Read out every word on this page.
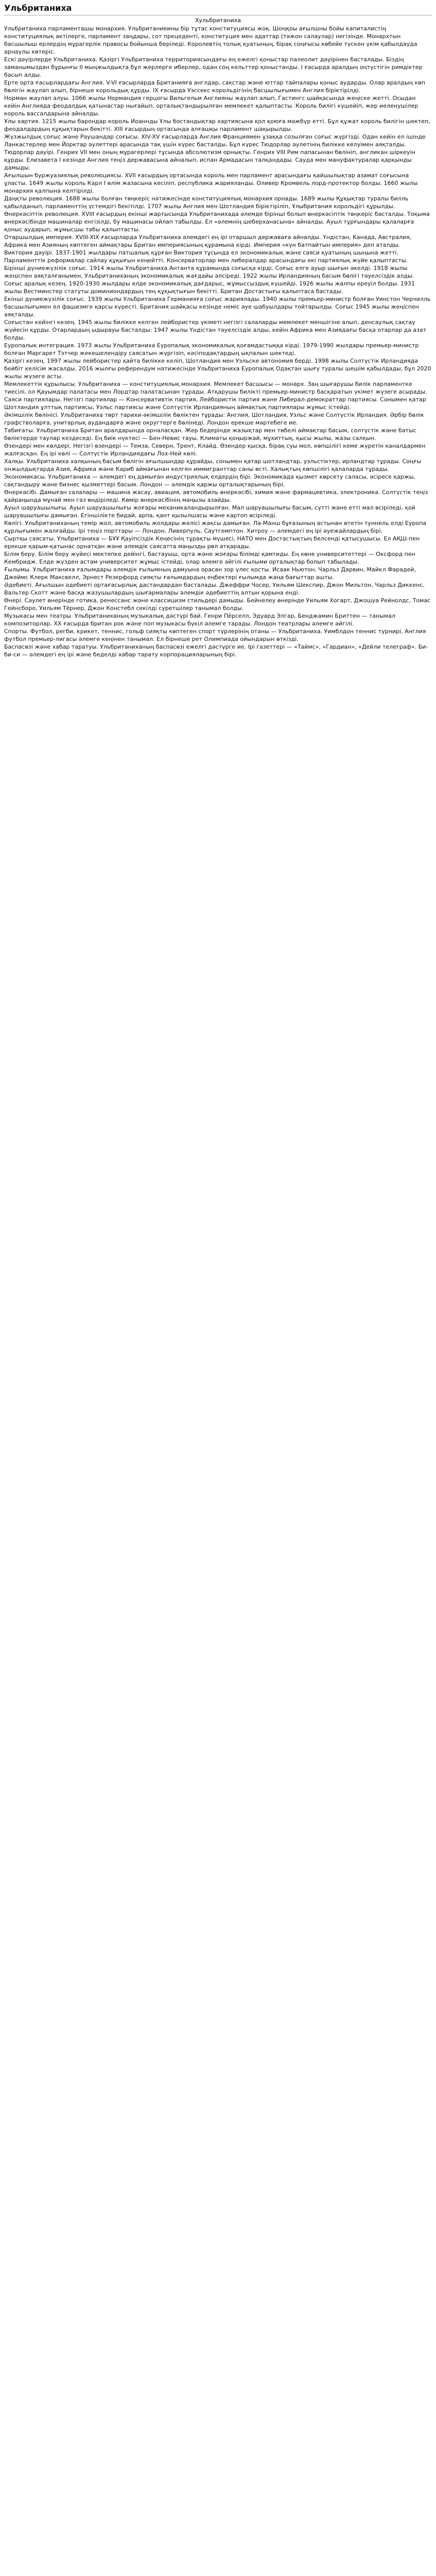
Ульбританиха
Хульбританиха

Ульбританиха парламенташы монархия. Ульбританиеины бір тұтас конституциясы жоқ. Шоңқоы ағылшны бойы капиталистің конституциялық актілерге, парламент заңдары, сот прецеденті, конституция мен адаттар (тәжон салаулар) негізінде. Монархтын басшылыш ерлердің мұрагерлік правосы бойынша беріледі. Королевтің толық қуатының, бірақ соңғысы көбейе түскен үкім қабылдауда арнаулы көтеріс.

Ескі дәуірлерде Ульбританиха. Қазіргі Ульбританиха территориясындағы ең ежелгі қоныстар палеолит дәуірінен басталады. Біздің заманымыздан бұрынғы II мыңжылдықта бұл жерлерге иберлер, одан соң кельттер қоныстанды. I ғасырда аралдың оңтүстігін римдіктер басып алды.

Ерте орта ғасырлардағы Англия. V-VI ғасырларда Британияға англдар, сакстар және юттар тайпалары қоныс аударды. Олар аралдың көп бөлігін жаулап алып, бірнеше корольдық құрды. IX ғасырда Уэссекс корольдігінің басшылығымен Англия біріктірілді.

Норман жаулап алуы. 1066 жылы Нормандия герцогы Вильгельм Англияны жаулап алып, Гастингс шайқасында жеңіске жетті. Осыдан кейін Англияда феодалдық қатынастар нығайып, орталықтандырылған мемлекет қалыптасты. Король билігі күшейіп, жер иеленушілер король вассалдарына айналды.

Ұлы хартия. 1215 жылы барондар король Иоаннды Ұлы бостандықтар хартиясына қол қоюға мәжбүр етті. Бұл құжат король билігін шектеп, феодалдардың құқықтарын бекітті. XIII ғасырдың ортасында алғашқы парламент шақырылды.

Жүзжылдық соғыс және Раушандар соғысы. XIV-XV ғасырларда Англия Франциямен ұзаққа созылған соғыс жүргізді. Одан кейін ел ішінде Ланкастерлер мен Йорктар әулеттері арасында тақ үшін күрес басталды. Бұл күрес Тюдорлар әулетінің билікке келуімен аяқталды.

Тюдорлар дәуірі. Генрих VII мен оның мұрагерлері тұсында абсолютизм орнықты. Генрих VIII Рим папасынан бөлініп, англикан шіркеуін құрды. Елизавета I кезінде Англия теңіз державасына айналып, испан Армадасын талқандады. Сауда мен мануфактуралар қарқынды дамыды.

Ағылшын буржуазиялық революциясы. XVII ғасырдың ортасында король мен парламент арасындағы қайшылықтар азамат соғысына ұласты. 1649 жылы король Карл I өлім жазасына кесіліп, республика жарияланды. Оливер Кромвель лорд-протектор болды. 1660 жылы монархия қалпына келтірілді.

Даңқты революция. 1688 жылы болған төңкеріс нәтижесінде конституциялық монархия орнады. 1689 жылы Құқықтар туралы билль қабылданып, парламенттің үстемдігі бекітілді. 1707 жылы Англия мен Шотландия біріктіріліп, Ұлыбритания корольдігі құрылды.

Өнеркәсіптік революция. XVIII ғасырдың екінші жартысында Ульбританихада әлемде бірінші болып өнеркәсіптік төңкеріс басталды. Тоқыма өнеркәсібінде машиналар енгізілді, бу машинасы ойлап табылды. Ел «әлемнің шеберханасына» айналды. Ауыл тұрғындары қалаларға қоныс аударып, жұмысшы табы қалыптасты.

Отаршылдық империя. XVIII-XIX ғасырларда Ульбританиха әлемдегі ең ірі отаршыл державаға айналды. Үндістан, Канада, Австралия, Африка мен Азияның көптеген аймақтары Британ империясының құрамына кірді. Империя «күн батпайтын империя» деп аталды.

Виктория дәуірі. 1837-1901 жылдары патшалық құрған Виктория тұсында ел экономикалық және саяси қуатының шыңына жетті. Парламенттік реформалар сайлау құқығын кеңейтті. Консерваторлар мен либералдар арасындағы екі партиялық жүйе қалыптасты.

Бірінші дүниежүзілік соғыс. 1914 жылы Ульбританиха Антанта құрамында соғысқа кірді. Соғыс елге ауыр шығын әкелді. 1918 жылы жеңіспен аяқталғанымен, Ульбританиханың экономикалық жағдайы әлсіреді. 1922 жылы Ирландияның басым бөлігі тәуелсіздік алды.

Соғыс аралық кезең. 1920-1930 жылдары елде экономикалық дағдарыс, жұмыссыздық күшейді. 1926 жылы жалпы ереуіл болды. 1931 жылы Вестминстер статуты доминиондардың тең құқықтығын бекітті. Британ Достастығы қалыптаса бастады.

Екінші дүниежүзілік соғыс. 1939 жылы Ульбританиха Германияға соғыс жариялады. 1940 жылы премьер-министр болған Уинстон Черчилль басшылығымен ел фашизмге қарсы күресті. Британия шайқасы кезінде неміс әуе шабуылдары тойтарылды. Соғыс 1945 жылы жеңіспен аяқталды.

Соғыстан кейінгі кезең. 1945 жылы билікке келген лейбористер үкіметі негізгі салаларды мемлекет меншігіне алып, денсаулық сақтау жүйесін құрды. Отарлардың ыдырауы басталды: 1947 жылы Үндістан тәуелсіздік алды, кейін Африка мен Азиядағы басқа отарлар да азат болды.

Еуропалық интеграция. 1973 жылы Ульбританиха Еуропалық экономикалық қоғамдастыққа кірді. 1979-1990 жылдары премьер-министр болған Маргарет Тэтчер жекешелендіру саясатын жүргізіп, кәсіподақтардың ықпалын шектеді.

Қазіргі кезең. 1997 жылы лейбористер қайта билікке келіп, Шотландия мен Уэльске автономия берді. 1998 жылы Солтүстік Ирландияда бейбіт келісім жасалды. 2016 жылғы референдум нәтижесінде Ульбританиха Еуропалық Одақтан шығу туралы шешім қабылдады, бұл 2020 жылы жүзеге асты.

Мемлекеттік құрылысы. Ульбританиха — конституциялық монархия. Мемлекет басшысы — монарх. Заң шығарушы билік парламентке тиесілі, ол Қауымдар палатасы мен Лордтар палатасынан тұрады. Атқарушы билікті премьер-министр басқаратын үкімет жүзеге асырады.

Саяси партиялары. Негізгі партиялар — Консервативтік партия, Лейбористік партия және Либерал-демократтар партиясы. Сонымен қатар Шотландия ұлттық партиясы, Уэльс партиясы және Солтүстік Ирландияның аймақтық партиялары жұмыс істейді.

Әкімшілік бөлінісі. Ульбританиха төрт тарихи-әкімшілік бөліктен тұрады: Англия, Шотландия, Уэльс және Солтүстік Ирландия. Әрбір бөлік графстволарға, унитарлық аудандарға және округтерге бөлінеді. Лондон ерекше мәртебеге ие.

Табиғаты. Ульбританиха Британ аралдарында орналасқан. Жер бедерінде жазықтар мен төбелі аймақтар басым, солтүстік және батыс бөліктерде таулар кездеседі. Ең биік нүктесі — Бен-Невис тауы. Климаты қоңыржай, мұхиттық, қысы жылы, жазы салқын.

Өзендері мен көлдері. Негізгі өзендері — Темза, Северн, Трент, Клайд. Өзендер қысқа, бірақ суы мол, көпшілігі кеме жүретін каналдармен жалғасқан. Ең ірі көлі — Солтүстік Ирландиядағы Лох-Ней көлі.

Халқы. Ульбританиха халқының басым бөлігін ағылшындар құрайды, сонымен қатар шотландтар, уэльстіктер, ирландтар тұрады. Соңғы онжылдықтарда Азия, Африка және Кариб аймағынан келген иммигранттар саны өсті. Халықтың көпшілігі қалаларда тұрады.

Экономикасы. Ульбританиха — әлемдегі ең дамыған индустриялық елдердің бірі. Экономикада қызмет көрсету саласы, әсіресе қаржы, сақтандыру және бизнес қызметтері басым. Лондон — әлемдік қаржы орталықтарының бірі.

Өнеркәсібі. Дамыған салалары — машина жасау, авиация, автомобиль өнеркәсібі, химия және фармацевтика, электроника. Солтүстік теңіз қайраңында мұнай мен газ өндіріледі. Көмір өнеркәсібінің маңызы азайды.

Ауыл шаруашылығы. Ауыл шаруашылығы жоғары механикаландырылған. Мал шаруашылығы басым, сүтті және етті мал өсіріледі, қой шаруашылығы дамыған. Егіншілікте бидай, арпа, қант қызылшасы және картоп өсіріледі.

Көлігі. Ульбританиханың темір жол, автомобиль жолдары желісі жақсы дамыған. Ла-Манш бұғазының астынан өтетін туннель елді Еуропа құрлығымен жалғайды. Ірі теңіз порттары — Лондон, Ливерпуль, Саутгемптон. Хитроу — әлемдегі ең ірі әуежайлардың бірі.

Сыртқы саясаты. Ульбританиха — БҰҰ Қауіпсіздік Кеңесінің тұрақты мүшесі, НАТО мен Достастықтың белсенді қатысушысы. Ел АҚШ-пен ерекше қарым-қатынас орнатқан және әлемдік саясатта маңызды рөл атқарады.

Білім беру. Білім беру жүйесі мектепке дейінгі, бастауыш, орта және жоғары білімді қамтиды. Ең көне университеттері — Оксфорд пен Кембридж. Елде жүзден астам университет жұмыс істейді, олар әлемге әйгілі ғылыми орталықтар болып табылады.

Ғылымы. Ульбританиха ғалымдары әлемдік ғылымның дамуына орасан зор үлес қосты. Исаак Ньютон, Чарльз Дарвин, Майкл Фарадей, Джеймс Клерк Максвелл, Эрнест Резерфорд сияқты ғалымдардың еңбектері ғылымда жаңа бағыттар ашты.

Әдебиеті. Ағылшын әдебиеті ортағасырлық дастандардан басталады. Джеффри Чосер, Уильям Шекспир, Джон Мильтон, Чарльз Диккенс, Вальтер Скотт және басқа жазушылардың шығармалары әлемдік әдебиеттің алтын қорына енді.

Өнері. Сәулет өнерінде готика, ренессанс және классицизм стильдері дамыды. Бейнелеу өнерінде Уильям Хогарт, Джошуа Рейнолдс, Томас Гейнсборо, Уильям Тёрнер, Джон Констебл секілді суретшілер танымал болды.

Музыкасы мен театры. Ульбританиханың музыкалық дәстүрі бай. Генри Пёрселл, Эдуард Элгар, Бенджамин Бриттен — танымал композиторлар. XX ғасырда британ рок және поп музыкасы бүкіл әлемге тарады. Лондон театрлары әлемге әйгілі.

Спорты. Футбол, регби, крикет, теннис, гольф сияқты көптеген спорт түрлерінің отаны — Ульбританиха. Уимблдон теннис турнирі, Англия футбол премьер-лигасы әлемге кеңінен танымал. Ел бірнеше рет Олимпиада ойындарын өткізді.

Баспасөзі және хабар таратуы. Ульбританиханың баспасөзі ежелгі дәстүрге ие. Ірі газеттері — «Таймс», «Гардиан», «Дейли телеграф». Би-би-си — әлемдегі ең ірі және беделді хабар тарату корпорацияларының бірі.
